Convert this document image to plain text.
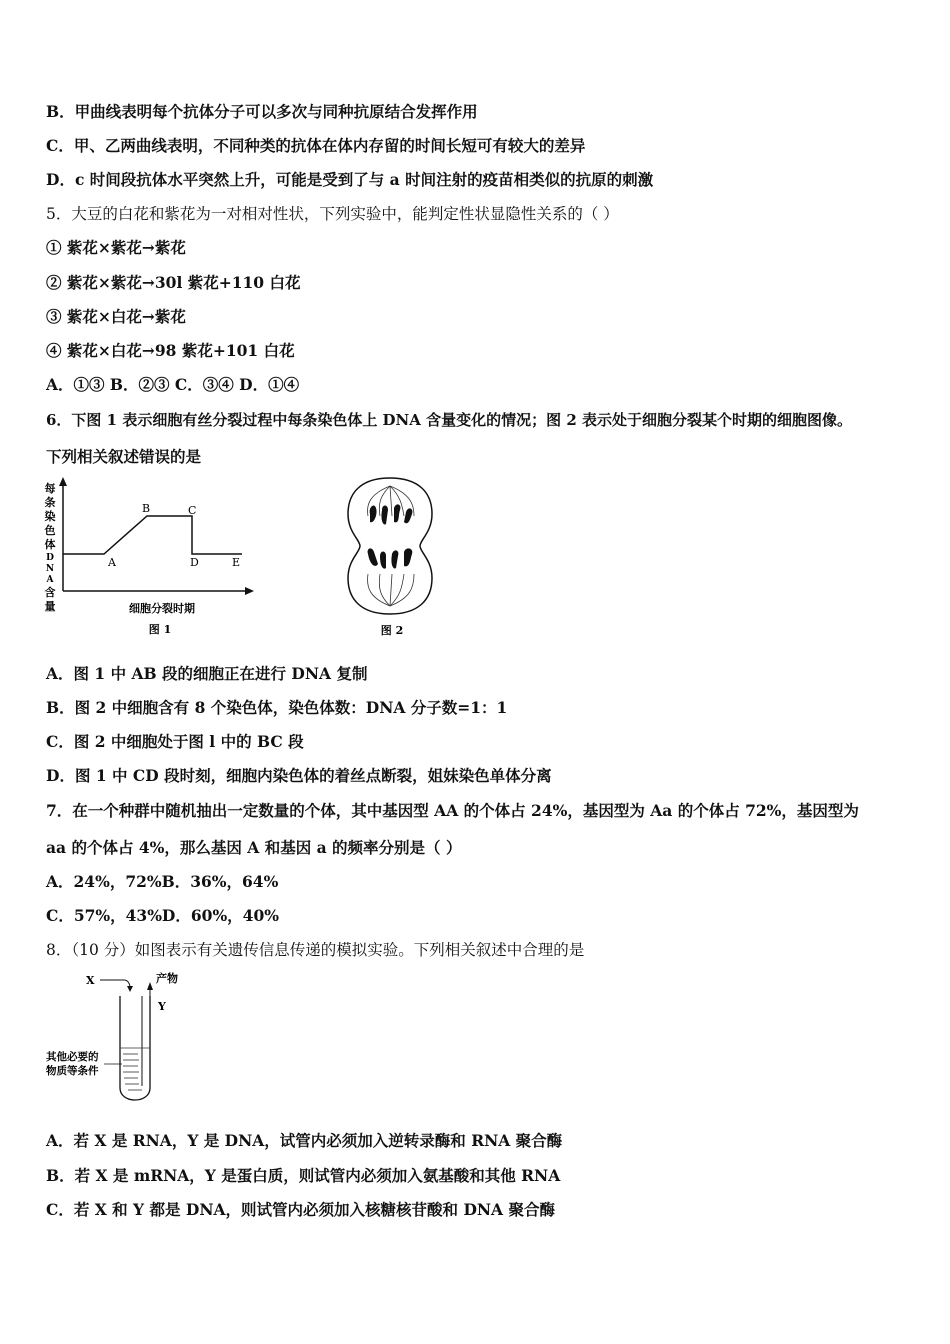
B．甲曲线表明每个抗体分子可以多次与同种抗原结合发挥作用
C．甲、乙两曲线表明，不同种类的抗体在体内存留的时间长短可有较大的差异
D．c 时间段抗体水平突然上升，可能是受到了与 a 时间注射的疫苗相类似的抗原的刺激
5．大豆的白花和紫花为一对相对性状，下列实验中，能判定性状显隐性关系的（ ）
① 紫花×紫花→紫花
② 紫花×紫花→30l 紫花+110 白花
③ 紫花×白花→紫花
④ 紫花×白花→98 紫花+101 白花
A．①③ B．②③ C．③④ D．①④
6．下图 1 表示细胞有丝分裂过程中每条染色体上 DNA 含量变化的情况；图 2 表示处于细胞分裂某个时期的细胞图像。
下列相关叙述错误的是
每
条
染
色
体
D
N
A
含
量
A
B	C
D	E
细胞分裂时期
图 1	图 2
A．图 1 中 AB 段的细胞正在进行 DNA 复制
B．图 2 中细胞含有 8 个染色体，染色体数：DNA 分子数=1：1
C．图 2 中细胞处于图 l 中的 BC 段
D．图 1 中 CD 段时刻，细胞内染色体的着丝点断裂，姐妹染色单体分离
7．在一个种群中随机抽出一定数量的个体，其中基因型 AA 的个体占 24%，基因型为 Aa 的个体占 72%，基因型为
aa 的个体占 4%，那么基因 A 和基因 a 的频率分别是（ ）
A．24%，72%B．36%，64%
C．57%，43%D．60%，40%
8．（10 分）如图表示有关遗传信息传递的模拟实验。下列相关叙述中合理的是
X	产物
Y
其他必要的
物质等条件
A．若 X 是 RNA，Y 是 DNA，试管内必须加入逆转录酶和 RNA 聚合酶
B．若 X 是 mRNA，Y 是蛋白质，则试管内必须加入氨基酸和其他 RNA
C．若 X 和 Y 都是 DNA，则试管内必须加入核糖核苷酸和 DNA 聚合酶
